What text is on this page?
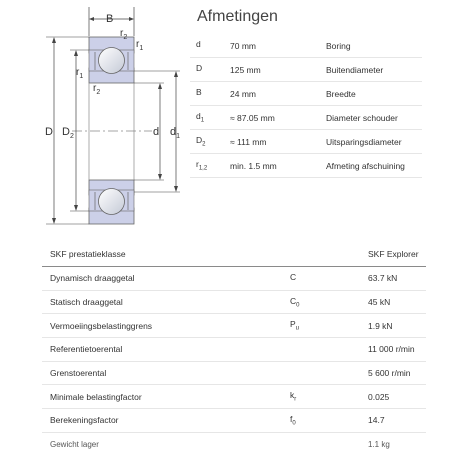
B
$r_2$
$r_1$
$r_1$
$r_2$
D $D_2$	d $d_1$
Afmetingen
d	70 mm	Boring
D	125 mm	Buitendiameter
B	24 mm	Breedte
$d_1$	≈ 87.05 mm	Diameter schouder
$D_2$	≈ 111 mm	Uitsparingsdiameter
$r_{1,2}$	min. 1.5 mm	Afmeting afschuining
SKF prestatieklasse		SKF Explorer
Dynamisch draaggetal	C	63.7 kN
Statisch draaggetal	$C_0$	45 kN
Vermoeiingsbelastinggrens	$P_u$	1.9 kN
Referentietoerental		11 000 r/min
Grenstoerental		5 600 r/min
Minimale belastingfactor	$k_r$	0.025
Berekeningsfactor	$f_0$	14.7
Gewicht lager		1.1 kg
